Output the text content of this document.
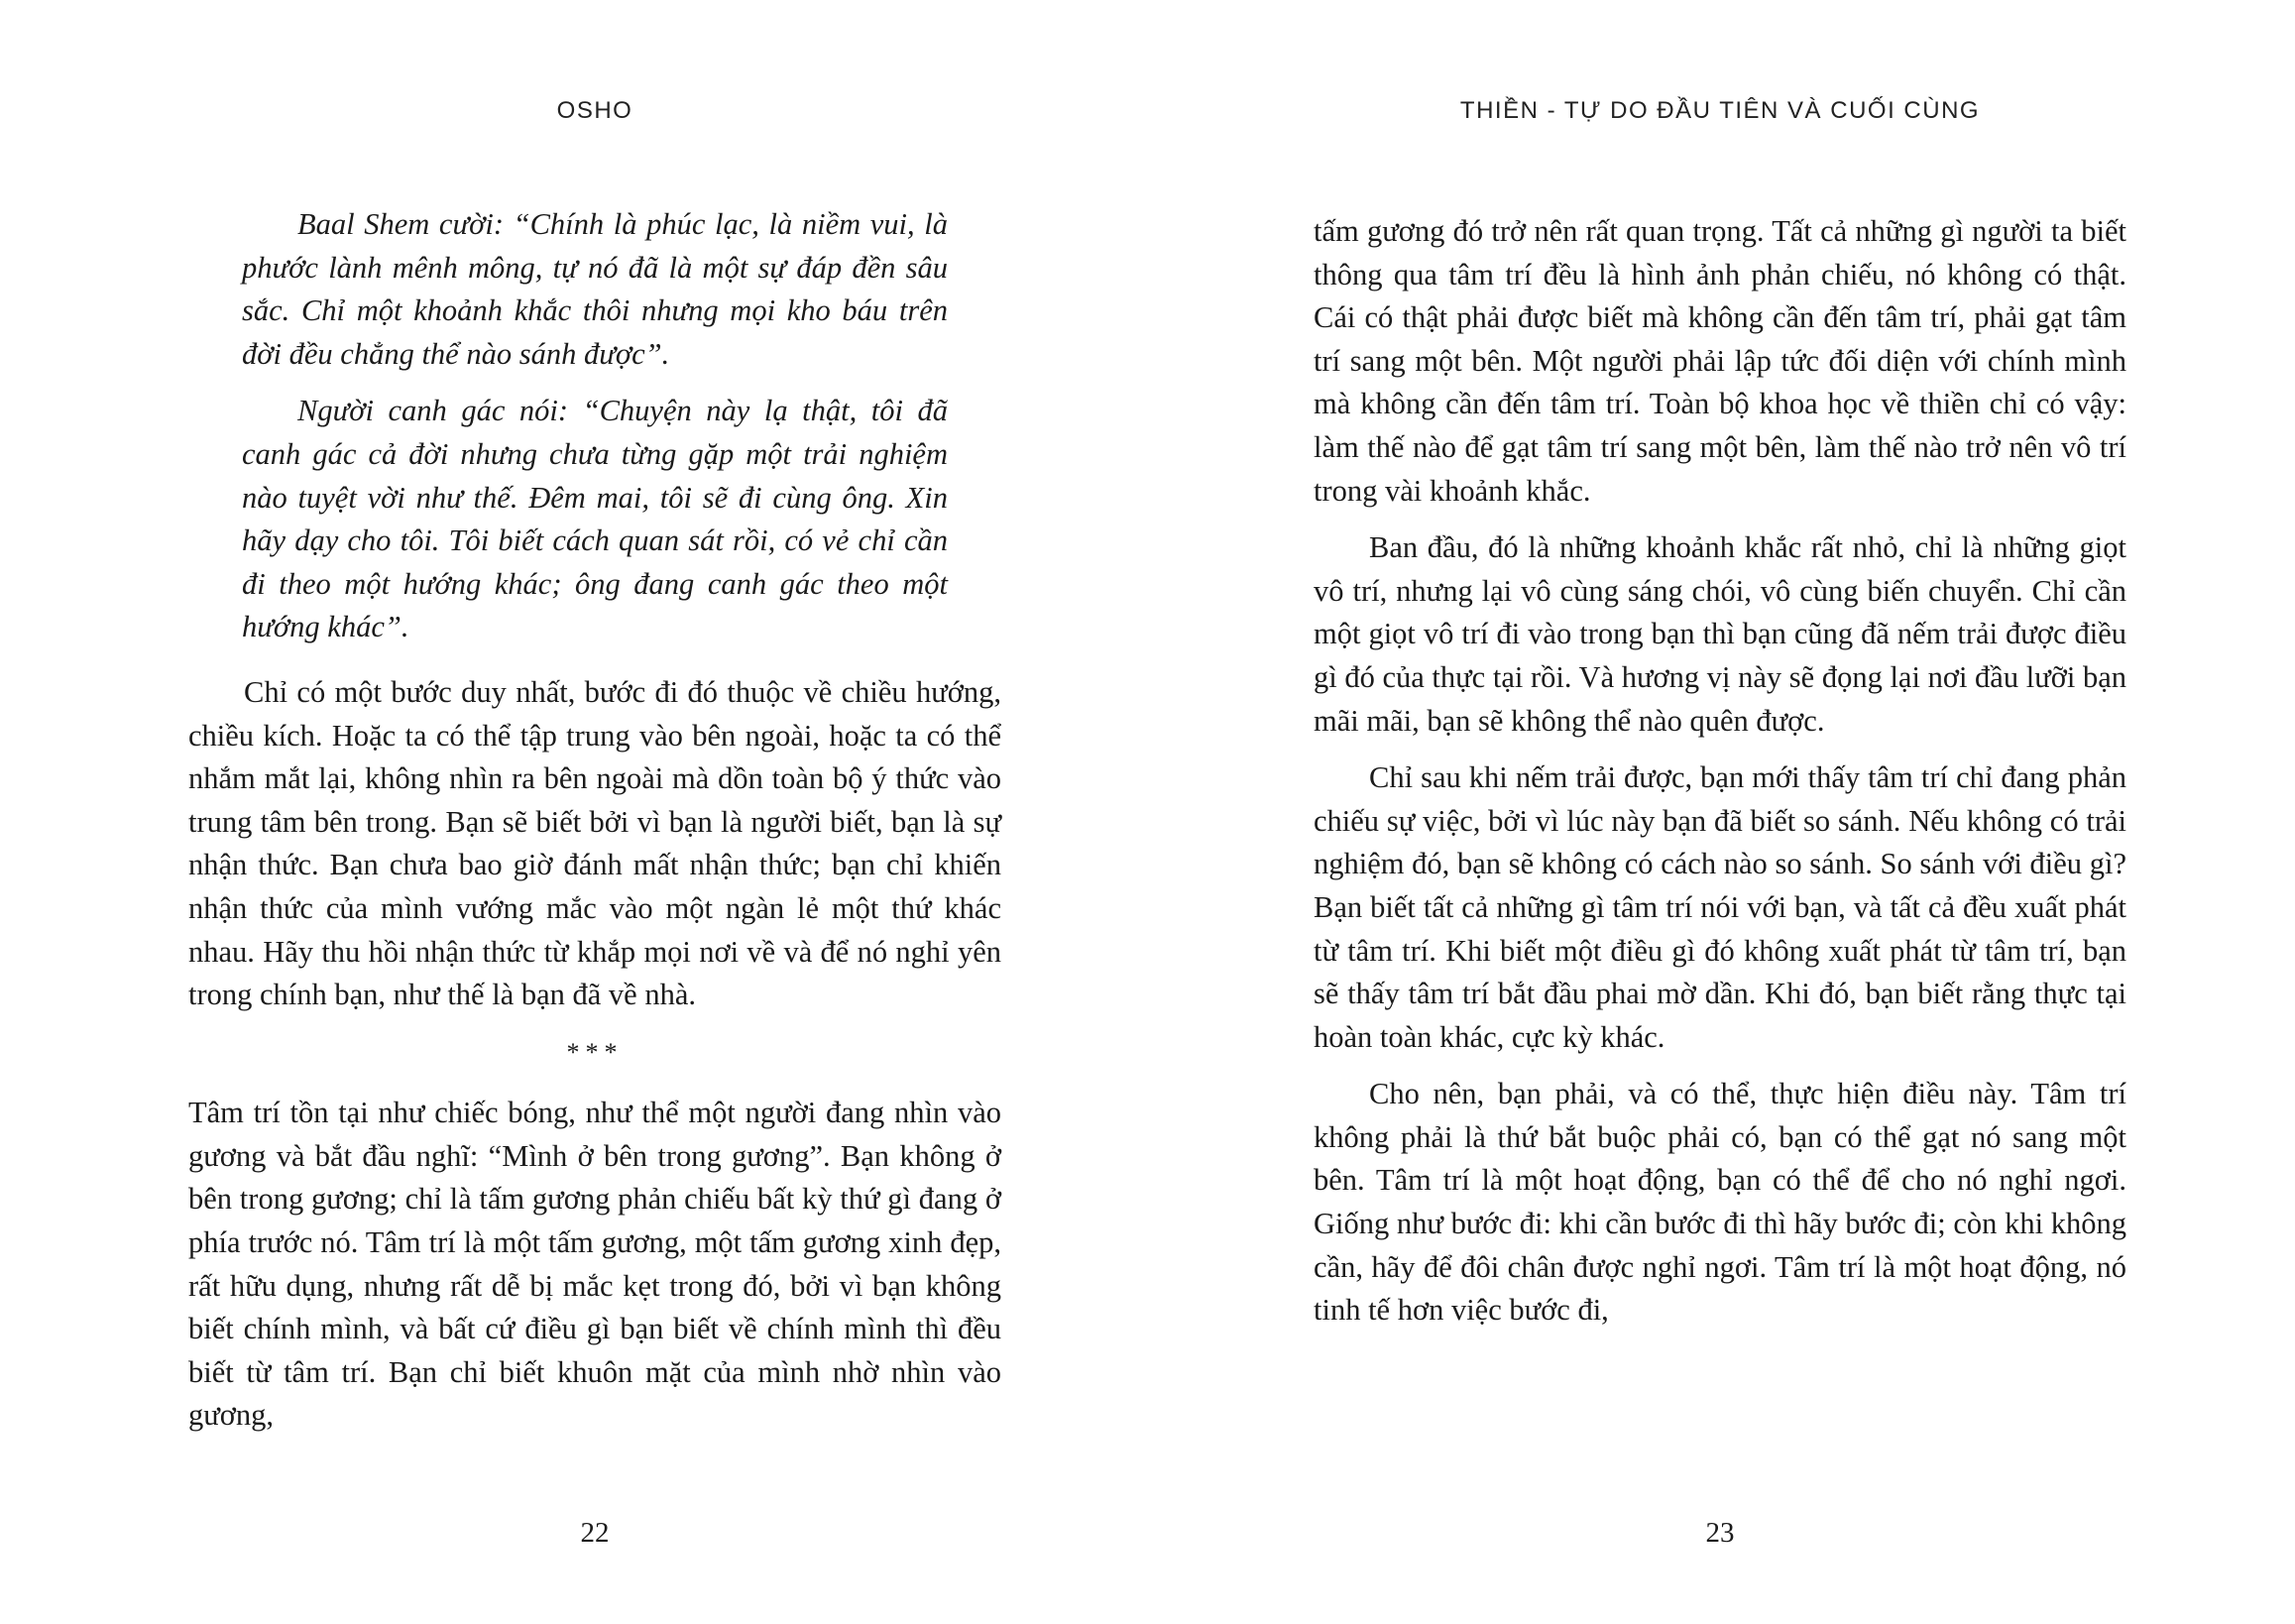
OSHO

Baal Shem cười: “Chính là phúc lạc, là niềm vui, là phước lành mênh mông, tự nó đã là một sự đáp đền sâu sắc. Chỉ một khoảnh khắc thôi nhưng mọi kho báu trên đời đều chẳng thể nào sánh được”.

Người canh gác nói: “Chuyện này lạ thật, tôi đã canh gác cả đời nhưng chưa từng gặp một trải nghiệm nào tuyệt vời như thế. Đêm mai, tôi sẽ đi cùng ông. Xin hãy dạy cho tôi. Tôi biết cách quan sát rồi, có vẻ chỉ cần đi theo một hướng khác; ông đang canh gác theo một hướng khác”.

Chỉ có một bước duy nhất, bước đi đó thuộc về chiều hướng, chiều kích. Hoặc ta có thể tập trung vào bên ngoài, hoặc ta có thể nhắm mắt lại, không nhìn ra bên ngoài mà dồn toàn bộ ý thức vào trung tâm bên trong. Bạn sẽ biết bởi vì bạn là người biết, bạn là sự nhận thức. Bạn chưa bao giờ đánh mất nhận thức; bạn chỉ khiến nhận thức của mình vướng mắc vào một ngàn lẻ một thứ khác nhau. Hãy thu hồi nhận thức từ khắp mọi nơi về và để nó nghỉ yên trong chính bạn, như thế là bạn đã về nhà.

***

Tâm trí tồn tại như chiếc bóng, như thể một người đang nhìn vào gương và bắt đầu nghĩ: “Mình ở bên trong gương”. Bạn không ở bên trong gương; chỉ là tấm gương phản chiếu bất kỳ thứ gì đang ở phía trước nó. Tâm trí là một tấm gương, một tấm gương xinh đẹp, rất hữu dụng, nhưng rất dễ bị mắc kẹt trong đó, bởi vì bạn không biết chính mình, và bất cứ điều gì bạn biết về chính mình thì đều biết từ tâm trí. Bạn chỉ biết khuôn mặt của mình nhờ nhìn vào gương,

22
THIỀN - TỰ DO ĐẦU TIÊN VÀ CUỐI CÙNG

tấm gương đó trở nên rất quan trọng. Tất cả những gì người ta biết thông qua tâm trí đều là hình ảnh phản chiếu, nó không có thật. Cái có thật phải được biết mà không cần đến tâm trí, phải gạt tâm trí sang một bên. Một người phải lập tức đối diện với chính mình mà không cần đến tâm trí. Toàn bộ khoa học về thiền chỉ có vậy: làm thế nào để gạt tâm trí sang một bên, làm thế nào trở nên vô trí trong vài khoảnh khắc.

Ban đầu, đó là những khoảnh khắc rất nhỏ, chỉ là những giọt vô trí, nhưng lại vô cùng sáng chói, vô cùng biến chuyển. Chỉ cần một giọt vô trí đi vào trong bạn thì bạn cũng đã nếm trải được điều gì đó của thực tại rồi. Và hương vị này sẽ đọng lại nơi đầu lưỡi bạn mãi mãi, bạn sẽ không thể nào quên được.

Chỉ sau khi nếm trải được, bạn mới thấy tâm trí chỉ đang phản chiếu sự việc, bởi vì lúc này bạn đã biết so sánh. Nếu không có trải nghiệm đó, bạn sẽ không có cách nào so sánh. So sánh với điều gì? Bạn biết tất cả những gì tâm trí nói với bạn, và tất cả đều xuất phát từ tâm trí. Khi biết một điều gì đó không xuất phát từ tâm trí, bạn sẽ thấy tâm trí bắt đầu phai mờ dần. Khi đó, bạn biết rằng thực tại hoàn toàn khác, cực kỳ khác.

Cho nên, bạn phải, và có thể, thực hiện điều này. Tâm trí không phải là thứ bắt buộc phải có, bạn có thể gạt nó sang một bên. Tâm trí là một hoạt động, bạn có thể để cho nó nghỉ ngơi. Giống như bước đi: khi cần bước đi thì hãy bước đi; còn khi không cần, hãy để đôi chân được nghỉ ngơi. Tâm trí là một hoạt động, nó tinh tế hơn việc bước đi,

23
